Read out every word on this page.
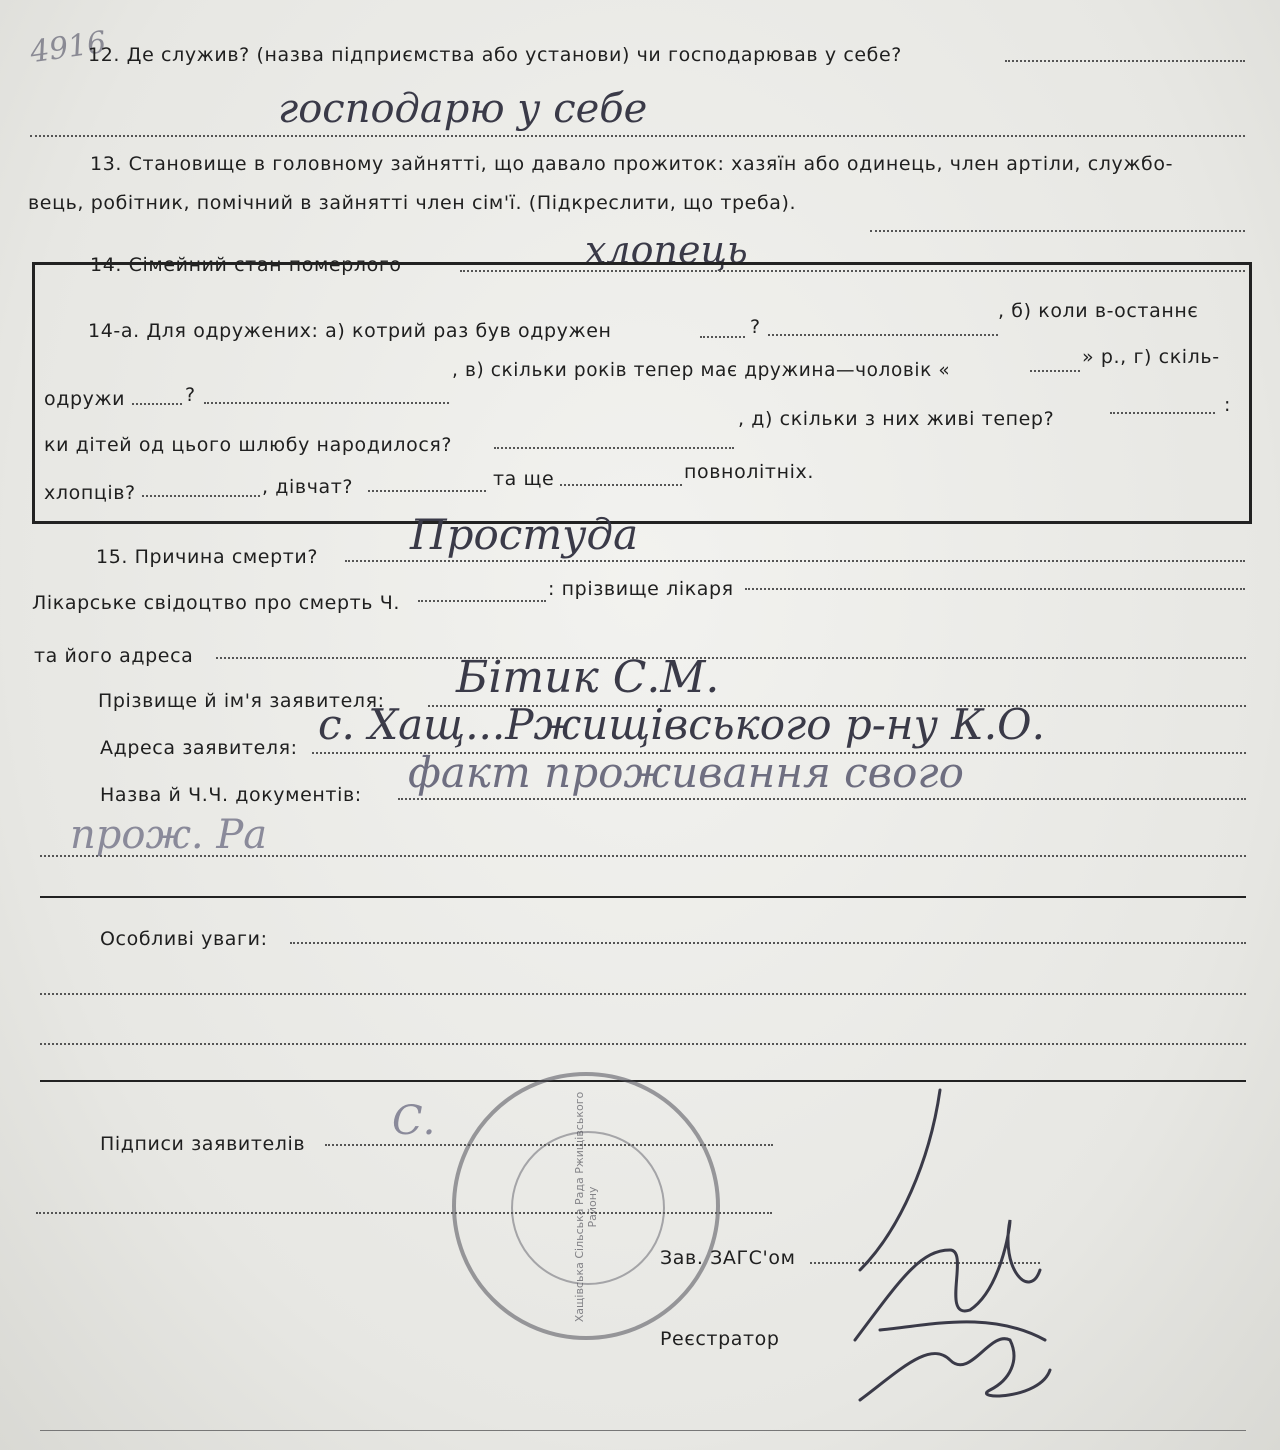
4916
12. Де служив? (назва підприємства або установи) чи господарював у себе?
господарю у себе
13. Становище в головному зайнятті, що давало прожиток: хазяїн або одинець, член артіли, службо-
вець, робітник, помічний в зайнятті член сім'ї. (Підкреслити, що треба).
14. Сімейний стан померлого	хлопець
14-а. Для одружених: а) котрий раз був одружен	?
, б) коли в-останнє
одружи	?
, в) скільки років тепер має дружина—чоловік «
» р., г) скіль-
ки дітей од цього шлюбу народилося?
, д) скільки з них живі тепер?
:
хлопців?	, дівчат?	та ще	повнолітніх.
15. Причина смерти? Простуда
Лікарське свідоцтво про смерть Ч.
: прізвище лікаря
та його адреса
Прізвище й ім'я заявителя: Бітик С.М.
Адреса заявителя: с. Хащ...Ржищівського р-ну К.О.
Назва й Ч.Ч. документів: факт проживання свого
прож. Ра
Особливі уваги:
Хащівська Сільська Рада Ржищівського Району
Підписи заявителів С.
Зав. ЗАГС'ом
Реєстратор
